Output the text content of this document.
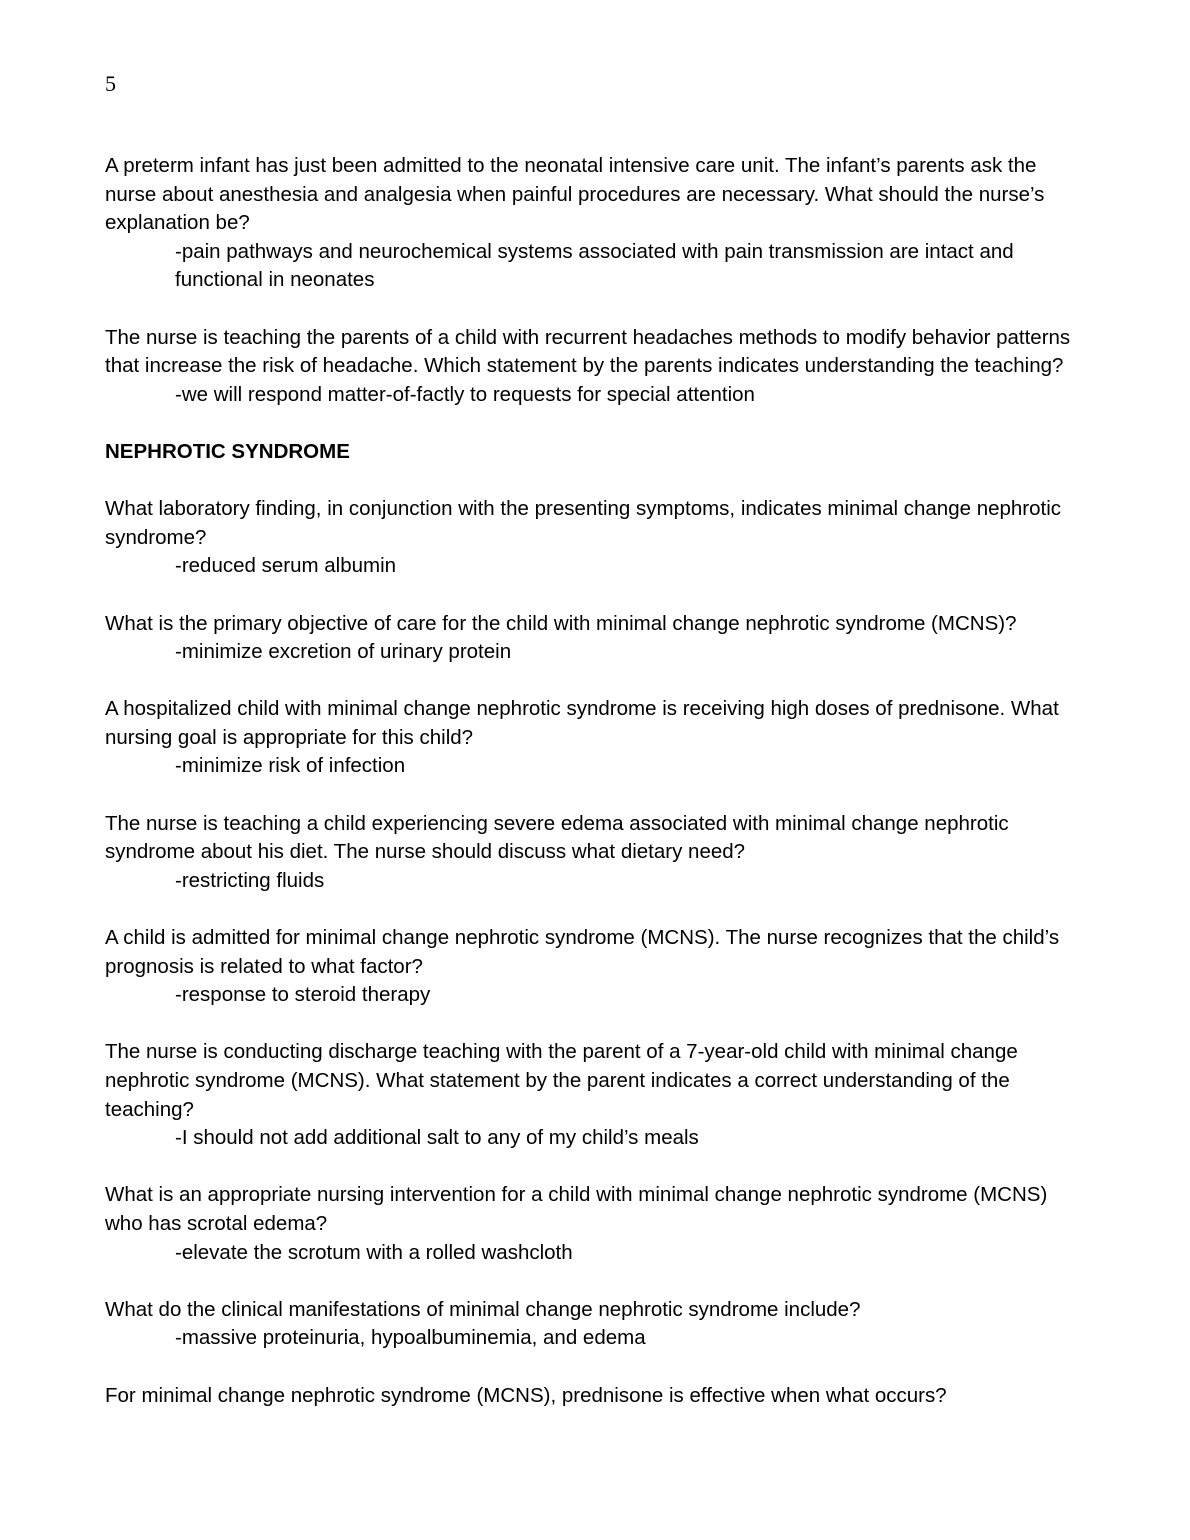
5

A preterm infant has just been admitted to the neonatal intensive care unit. The infant’s parents ask the nurse about anesthesia and analgesia when painful procedures are necessary. What should the nurse’s explanation be?

-pain pathways and neurochemical systems associated with pain transmission are intact and functional in neonates

The nurse is teaching the parents of a child with recurrent headaches methods to modify behavior patterns that increase the risk of headache. Which statement by the parents indicates understanding the teaching?

-we will respond matter-of-factly to requests for special attention

NEPHROTIC SYNDROME

What laboratory finding, in conjunction with the presenting symptoms, indicates minimal change nephrotic syndrome?

-reduced serum albumin

What is the primary objective of care for the child with minimal change nephrotic syndrome (MCNS)?

-minimize excretion of urinary protein

A hospitalized child with minimal change nephrotic syndrome is receiving high doses of prednisone. What nursing goal is appropriate for this child?

-minimize risk of infection

The nurse is teaching a child experiencing severe edema associated with minimal change nephrotic syndrome about his diet. The nurse should discuss what dietary need?

-restricting fluids

A child is admitted for minimal change nephrotic syndrome (MCNS). The nurse recognizes that the child’s prognosis is related to what factor?

-response to steroid therapy

The nurse is conducting discharge teaching with the parent of a 7-year-old child with minimal change nephrotic syndrome (MCNS). What statement by the parent indicates a correct understanding of the teaching?

-I should not add additional salt to any of my child’s meals

What is an appropriate nursing intervention for a child with minimal change nephrotic syndrome (MCNS) who has scrotal edema?

-elevate the scrotum with a rolled washcloth

What do the clinical manifestations of minimal change nephrotic syndrome include?

-massive proteinuria, hypoalbuminemia, and edema

For minimal change nephrotic syndrome (MCNS), prednisone is effective when what occurs?
